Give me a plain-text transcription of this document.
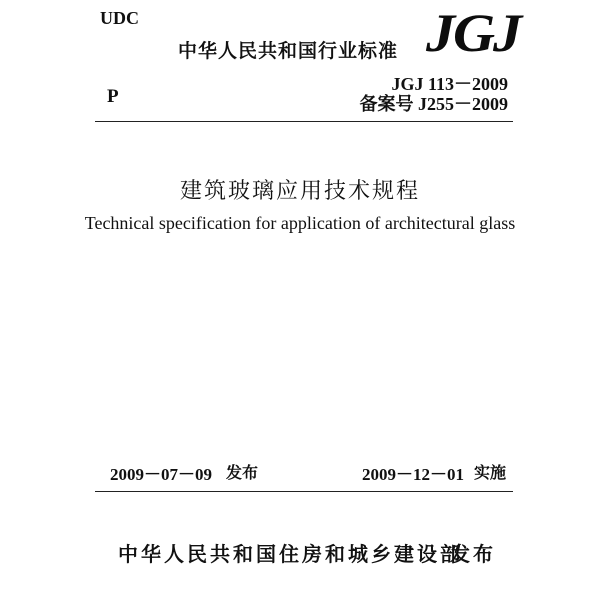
UDC
中华人民共和国行业标准 JGJ
P
JGJ 113－2009
备案号 J255－2009
建筑玻璃应用技术规程
Technical specification for application of architectural glass
2009－07－09 发布	2009－12－01 实施
中华人民共和国住房和城乡建设部
发布
